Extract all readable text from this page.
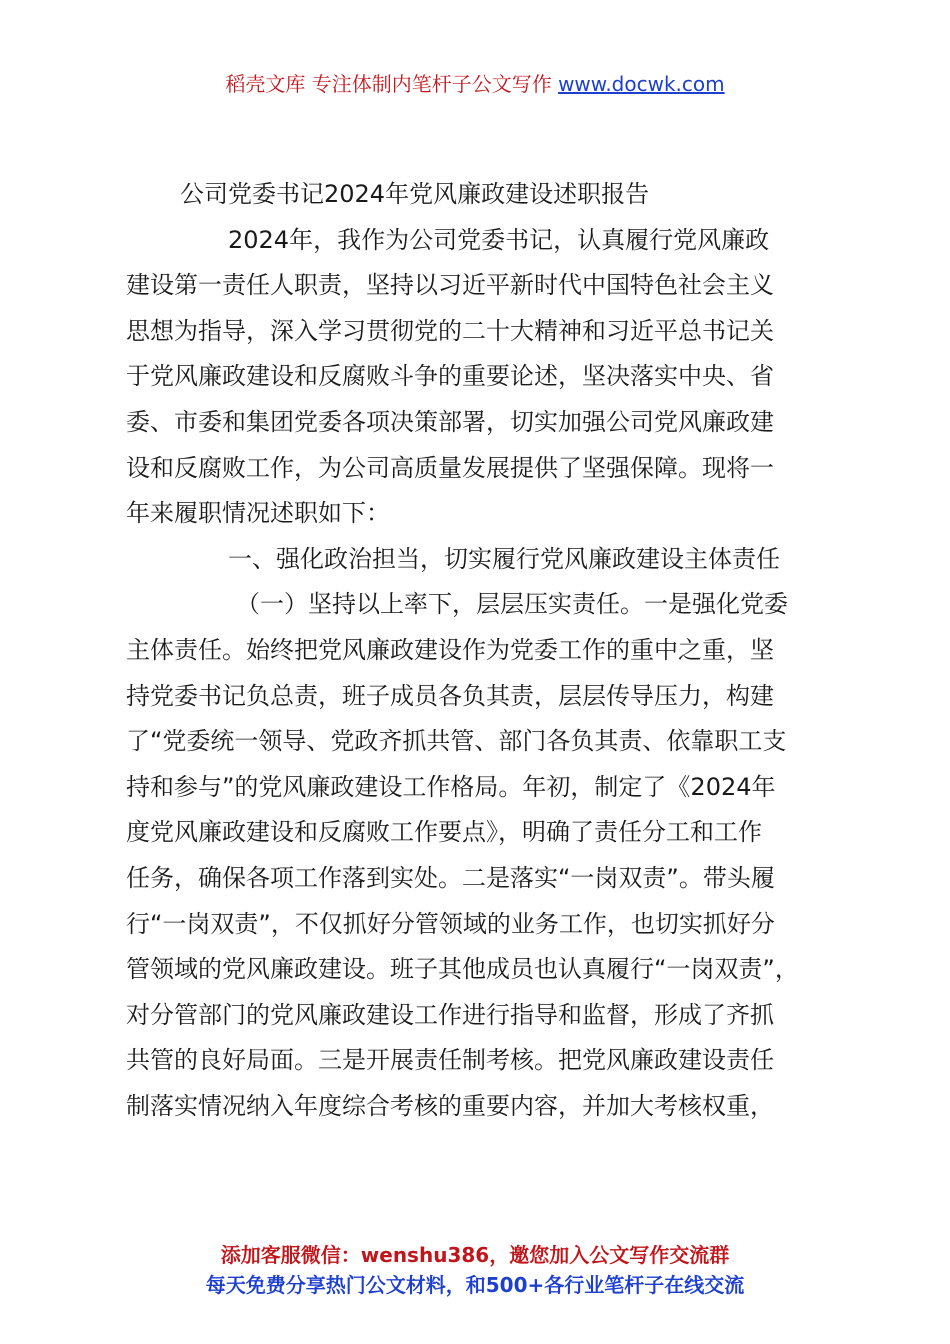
稻壳文库 专注体制内笔杆子公文写作 www.docwk.com

公司党委书记2024年党风廉政建设述职报告

2024年，我作为公司党委书记，认真履行党风廉政
建设第一责任人职责，坚持以习近平新时代中国特色社会主义
思想为指导，深入学习贯彻党的二十大精神和习近平总书记关
于党风廉政建设和反腐败斗争的重要论述，坚决落实中央、省
委、市委和集团党委各项决策部署，切实加强公司党风廉政建
设和反腐败工作，为公司高质量发展提供了坚强保障。现将一
年来履职情况述职如下：

一、强化政治担当，切实履行党风廉政建设主体责任

（一）坚持以上率下，层层压实责任。一是强化党委
主体责任。始终把党风廉政建设作为党委工作的重中之重，坚
持党委书记负总责，班子成员各负其责，层层传导压力，构建
了“党委统一领导、党政齐抓共管、部门各负其责、依靠职工支
持和参与”的党风廉政建设工作格局。年初，制定了《2024年
度党风廉政建设和反腐败工作要点》，明确了责任分工和工作
任务，确保各项工作落到实处。二是落实“一岗双责”。带头履
行“一岗双责”，不仅抓好分管领域的业务工作，也切实抓好分
管领域的党风廉政建设。班子其他成员也认真履行“一岗双责”，
对分管部门的党风廉政建设工作进行指导和监督，形成了齐抓
共管的良好局面。三是开展责任制考核。把党风廉政建设责任
制落实情况纳入年度综合考核的重要内容，并加大考核权重，

添加客服微信：wenshu386，邀您加入公文写作交流群
每天免费分享热门公文材料，和500+各行业笔杆子在线交流
